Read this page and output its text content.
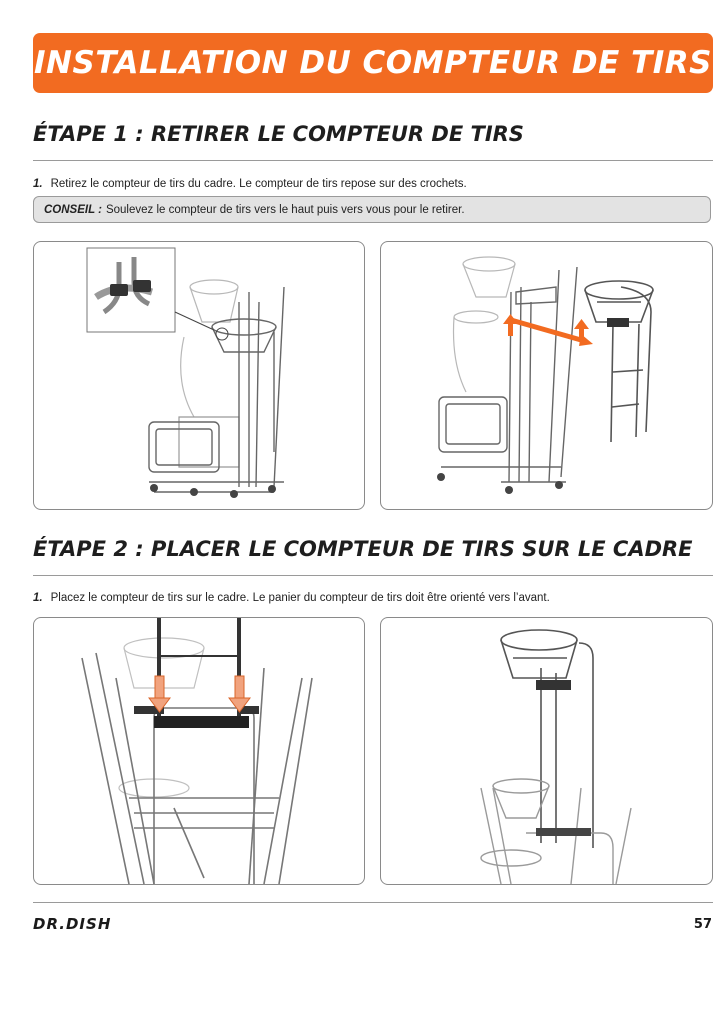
INSTALLATION DU COMPTEUR DE TIRS
ÉTAPE 1 : RETIRER LE COMPTEUR DE TIRS
1. Retirez le compteur de tirs du cadre. Le compteur de tirs repose sur des crochets.
CONSEIL : Soulevez le compteur de tirs vers le haut puis vers vous pour le retirer.
ÉTAPE 2 : PLACER LE COMPTEUR DE TIRS SUR LE CADRE
1. Placez le compteur de tirs sur le cadre. Le panier du compteur de tirs doit être orienté vers l’avant.
DR.DISH	57
